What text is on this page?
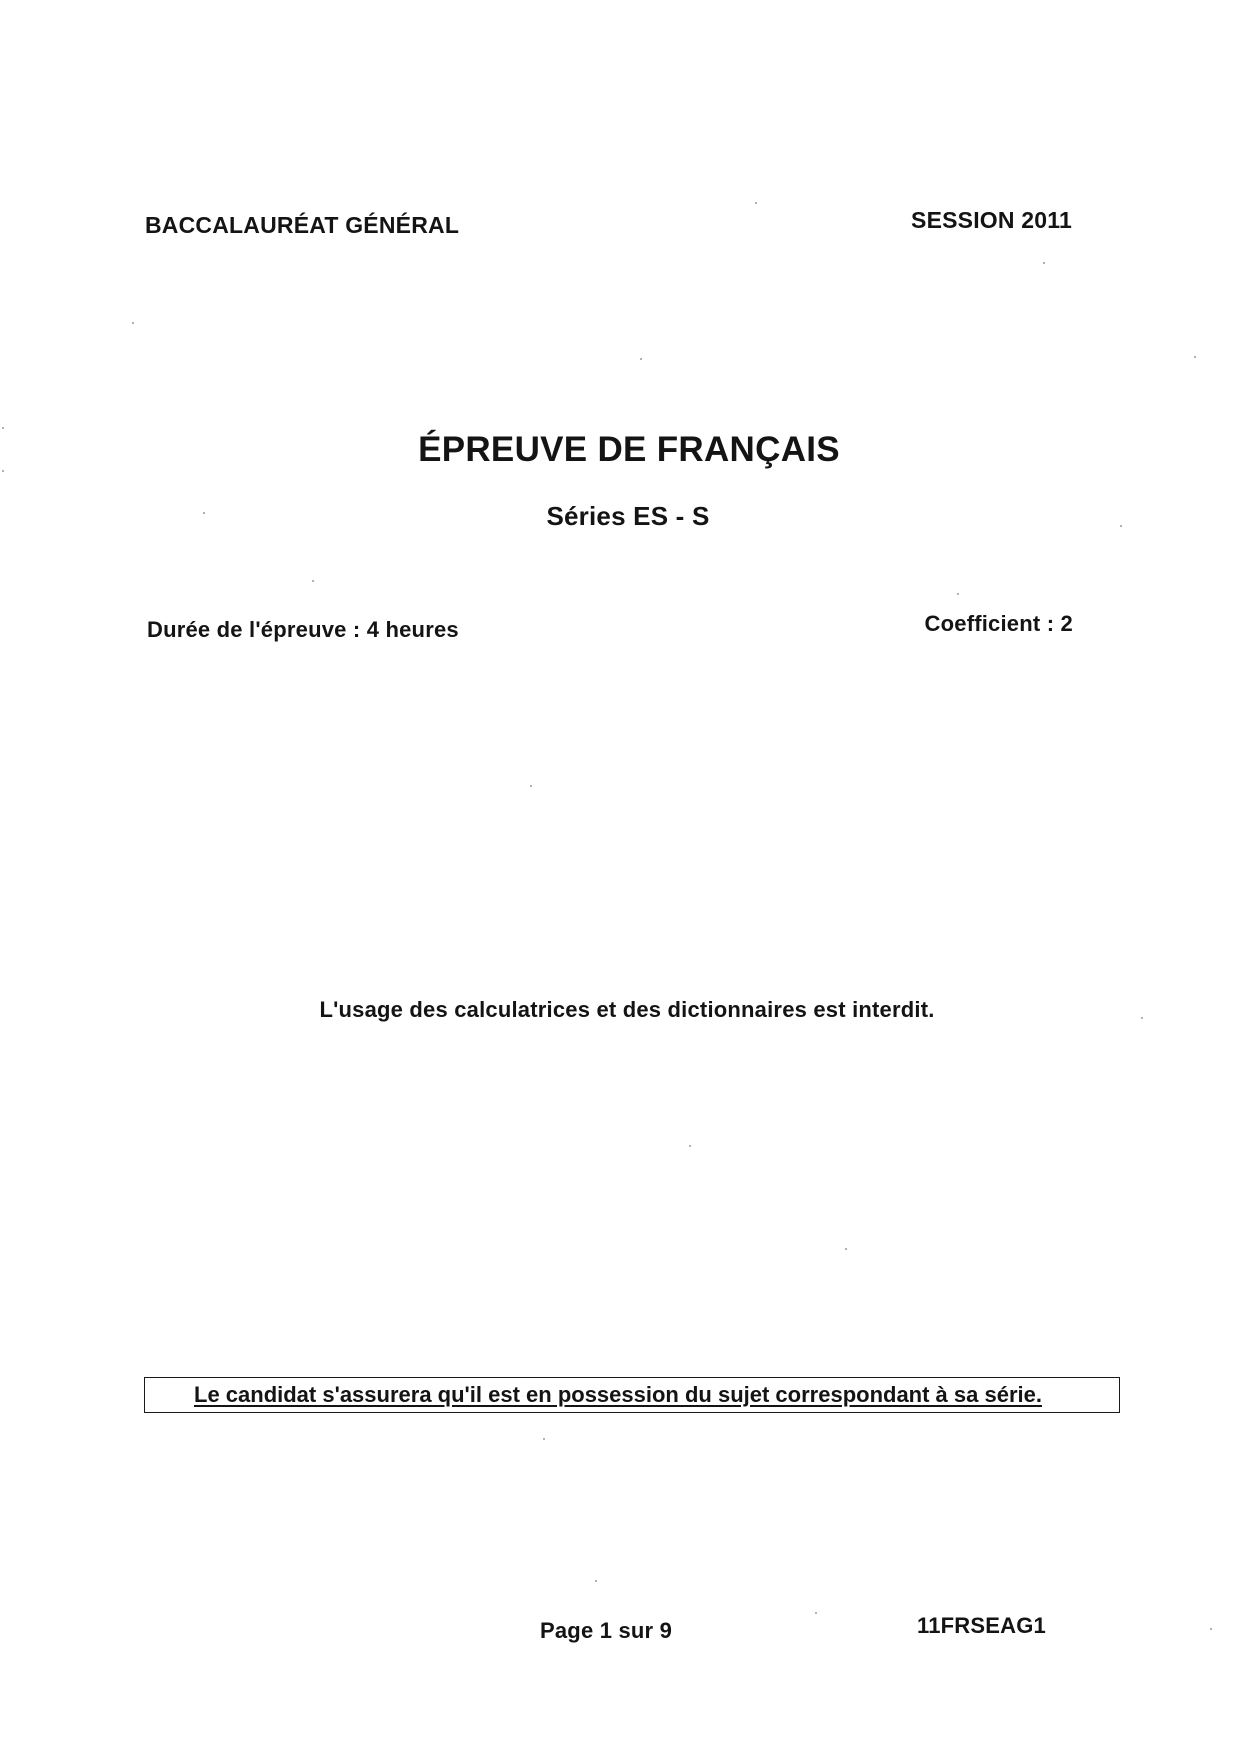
BACCALAURÉAT GÉNÉRAL	SESSION 2011
ÉPREUVE DE FRANÇAIS
Séries ES - S
Durée de l'épreuve : 4 heures	Coefficient : 2
L'usage des calculatrices et des dictionnaires est interdit.
Le candidat s'assurera qu'il est en possession du sujet correspondant à sa série.
Page 1 sur 9	11FRSEAG1
